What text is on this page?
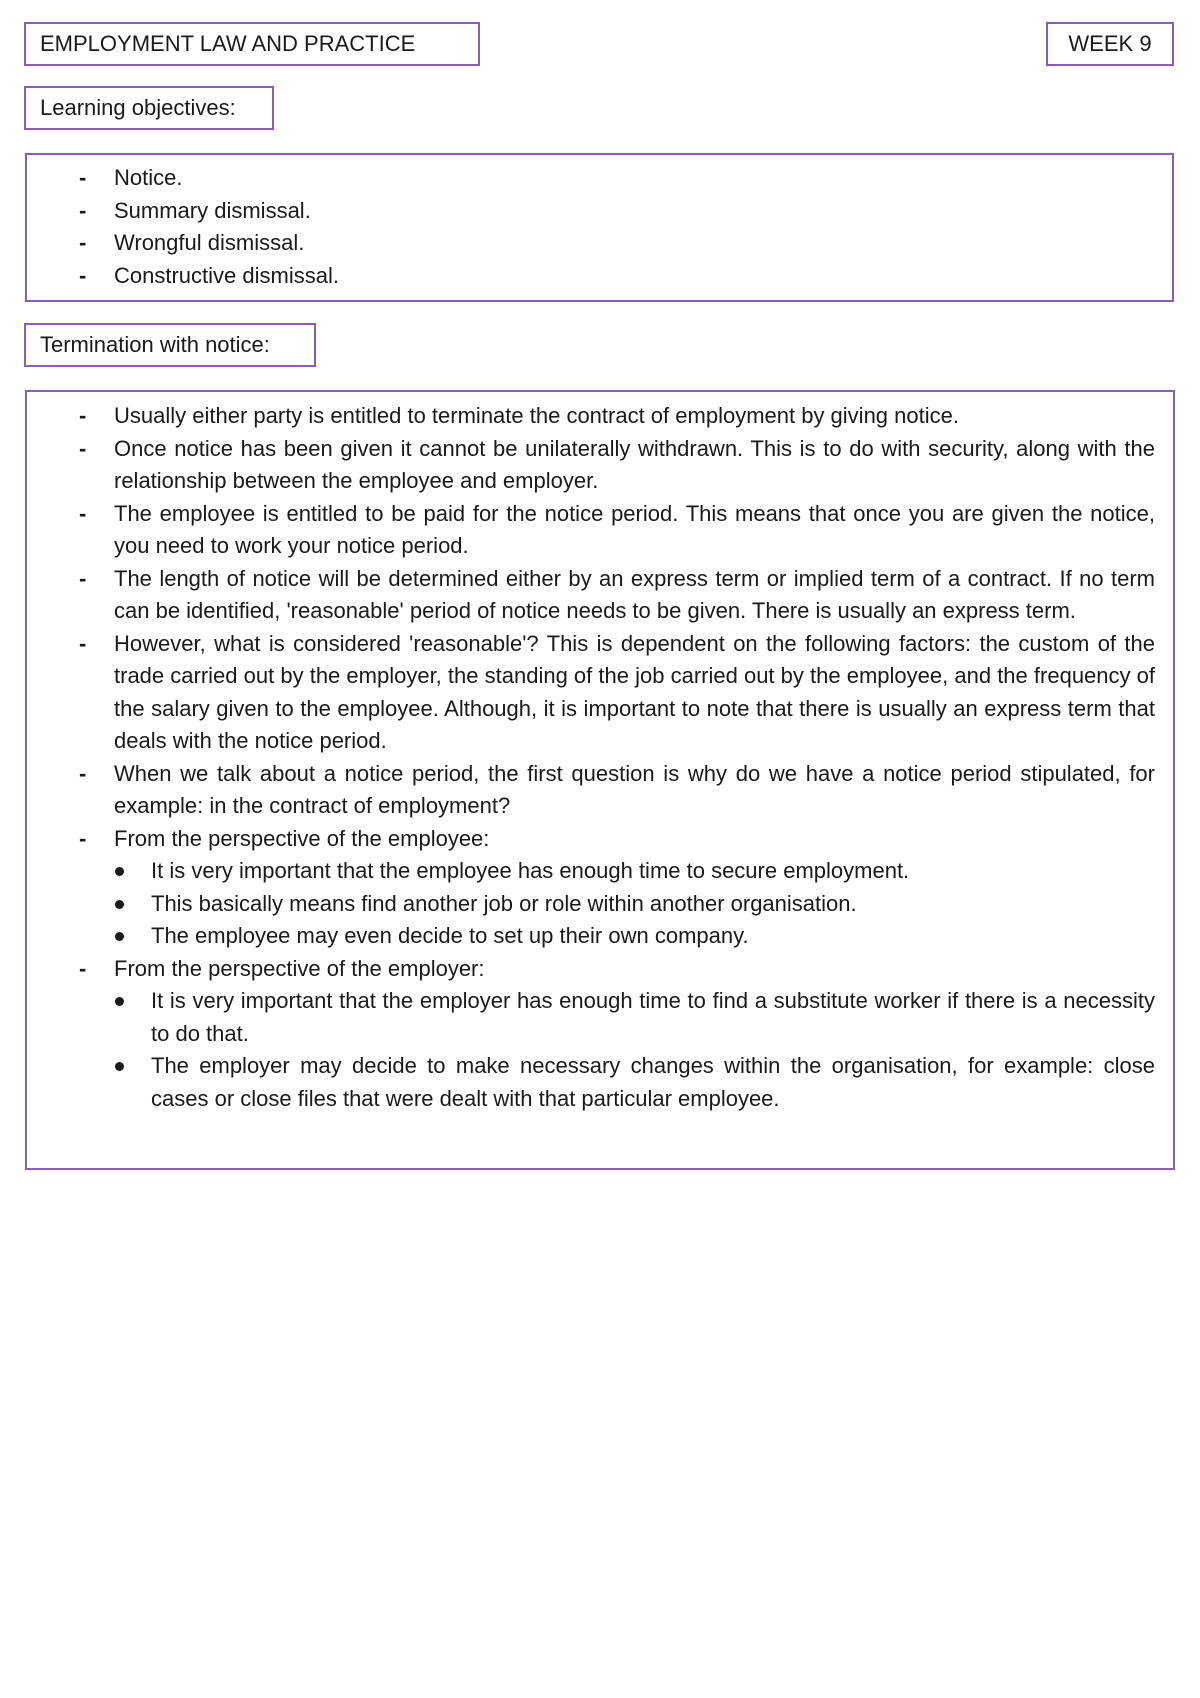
EMPLOYMENT LAW AND PRACTICE	WEEK 9
Learning objectives:
- Notice.
- Summary dismissal.
- Wrongful dismissal.
- Constructive dismissal.
Termination with notice:
- Usually either party is entitled to terminate the contract of employment by giving notice.
- Once notice has been given it cannot be unilaterally withdrawn. This is to do with security, along with the relationship between the employee and employer.
- The employee is entitled to be paid for the notice period. This means that once you are given the notice, you need to work your notice period.
- The length of notice will be determined either by an express term or implied term of a contract. If no term can be identified, 'reasonable' period of notice needs to be given. There is usually an express term.
- However, what is considered 'reasonable'? This is dependent on the following factors: the custom of the trade carried out by the employer, the standing of the job carried out by the employee, and the frequency of the salary given to the employee. Although, it is important to note that there is usually an express term that deals with the notice period.
- When we talk about a notice period, the first question is why do we have a notice period stipulated, for example: in the contract of employment?
- From the perspective of the employee:
It is very important that the employee has enough time to secure employment.
This basically means find another job or role within another organisation.
The employee may even decide to set up their own company.
- From the perspective of the employer:
It is very important that the employer has enough time to find a substitute worker if there is a necessity to do that.
The employer may decide to make necessary changes within the organisation, for example: close cases or close files that were dealt with that particular employee.
